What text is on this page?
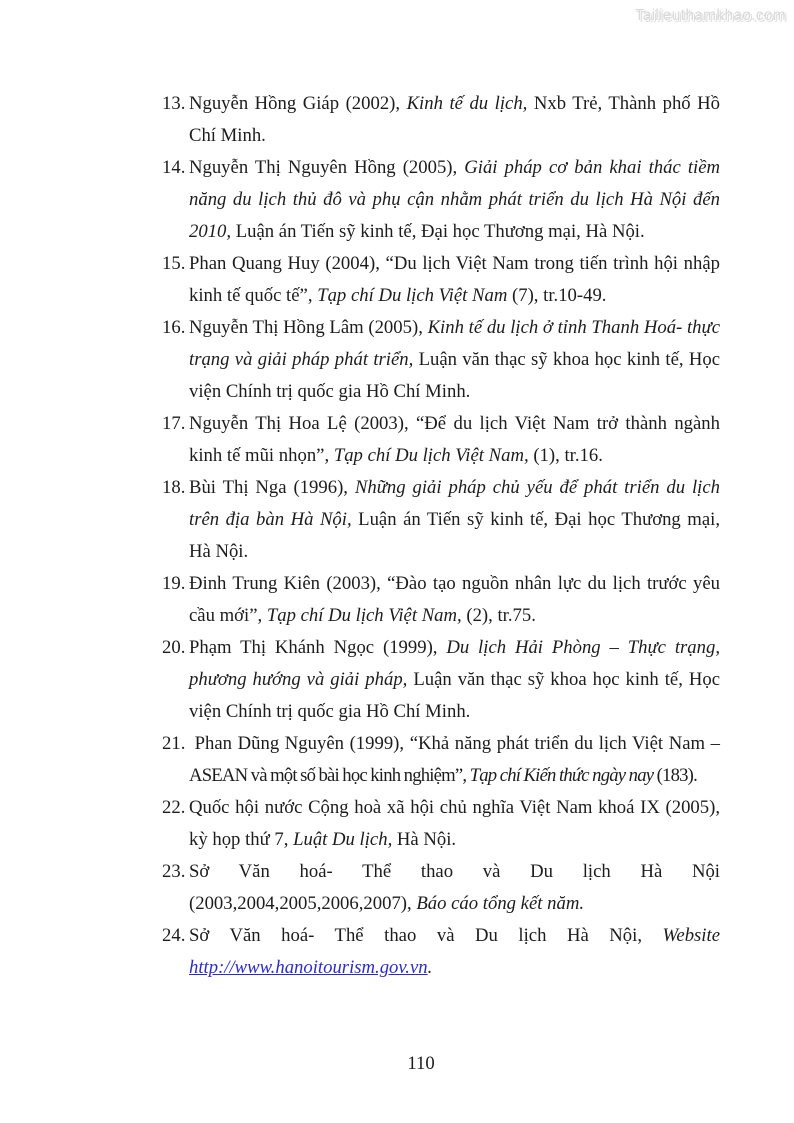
Tailieuthamkhao.com

13. Nguyễn Hồng Giáp (2002), Kinh tế du lịch, Nxb Trẻ, Thành phố Hồ Chí Minh.

14. Nguyễn Thị Nguyên Hồng (2005), Giải pháp cơ bản khai thác tiềm năng du lịch thủ đô và phụ cận nhằm phát triển du lịch Hà Nội đến 2010, Luận án Tiến sỹ kinh tế, Đại học Thương mại, Hà Nội.

15. Phan Quang Huy (2004), “Du lịch Việt Nam trong tiến trình hội nhập kinh tế quốc tế”, Tạp chí Du lịch Việt Nam (7), tr.10-49.

16. Nguyễn Thị Hồng Lâm (2005), Kinh tế du lịch ở tỉnh Thanh Hoá- thực trạng và giải pháp phát triển, Luận văn thạc sỹ khoa học kinh tế, Học viện Chính trị quốc gia Hồ Chí Minh.

17. Nguyễn Thị Hoa Lệ (2003), “Để du lịch Việt Nam trở thành ngành kinh tế mũi nhọn”, Tạp chí Du lịch Việt Nam, (1), tr.16.

18. Bùi Thị Nga (1996), Những giải pháp chủ yếu để phát triển du lịch trên địa bàn Hà Nội, Luận án Tiến sỹ kinh tế, Đại học Thương mại, Hà Nội.

19. Đinh Trung Kiên (2003), “Đào tạo nguồn nhân lực du lịch trước yêu cầu mới”, Tạp chí Du lịch Việt Nam, (2), tr.75.

20. Phạm Thị Khánh Ngọc (1999), Du lịch Hải Phòng – Thực trạng, phương hướng và giải pháp, Luận văn thạc sỹ khoa học kinh tế, Học viện Chính trị quốc gia Hồ Chí Minh.

21. Phan Dũng Nguyên (1999), “Khả năng phát triển du lịch Việt Nam – ASEAN và một số bài học kinh nghiệm”, Tạp chí Kiến thức ngày nay (183).

22. Quốc hội nước Cộng hoà xã hội chủ nghĩa Việt Nam khoá IX (2005), kỳ họp thứ 7, Luật Du lịch, Hà Nội.

23. Sở Văn hoá- Thể thao và Du lịch Hà Nội (2003,2004,2005,2006,2007), Báo cáo tổng kết năm.

24. Sở Văn hoá- Thể thao và Du lịch Hà Nội, Website http://www.hanoitourism.gov.vn.

110
